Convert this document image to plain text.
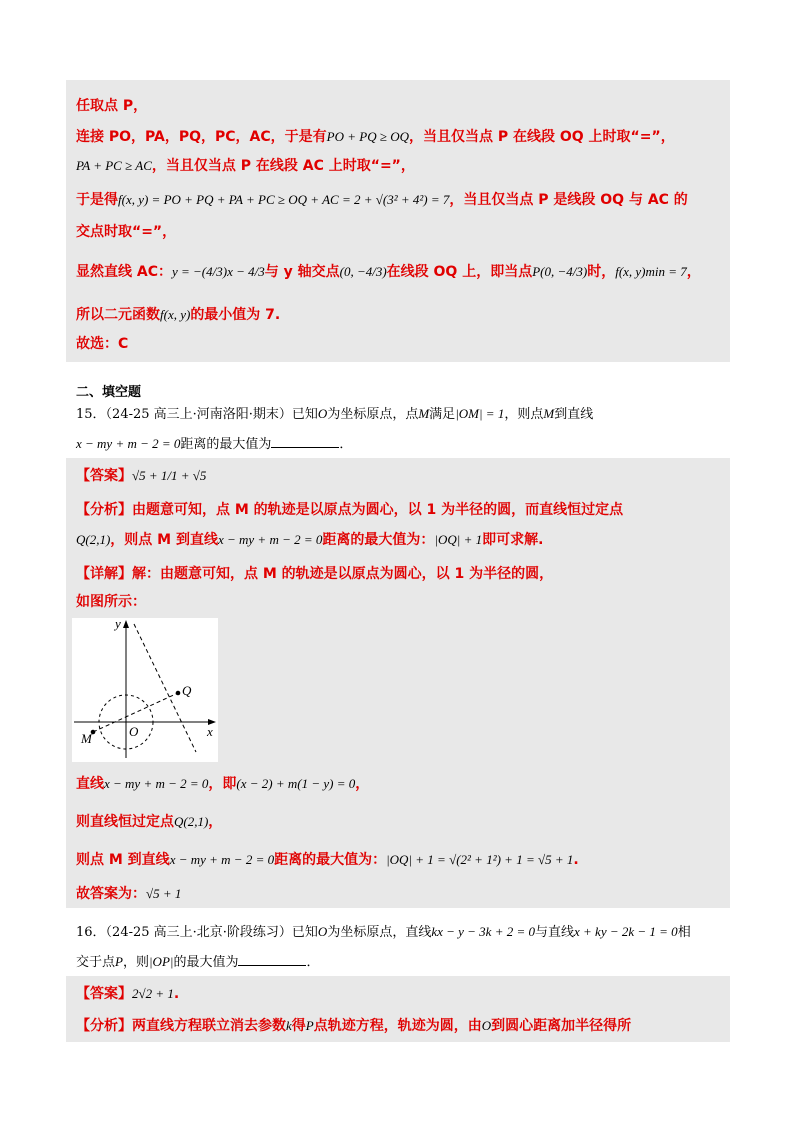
任取点 P，
连接 PO，PA，PQ，PC，AC，于是有PO + PQ ≥ OQ，当且仅当点 P 在线段 OQ 上时取“=”，
PA + PC ≥ AC，当且仅当点 P 在线段 AC 上时取“=”，
于是得f(x, y) = PO + PQ + PA + PC ≥ OQ + AC = 2 + √(3² + 4²) = 7，当且仅当点 P 是线段 OQ 与 AC 的
交点时取“=”，
显然直线 AC：y = −(4/3)x − 4/3与 y 轴交点(0, −4/3)在线段 OQ 上，即当点P(0, −4/3)时，f(x, y)min = 7，
所以二元函数f(x, y)的最小值为 7.
故选：C
二、填空题
15．（24-25 高三上·河南洛阳·期末）已知O为坐标原点，点M满足|OM| = 1，则点M到直线
x − my + m − 2 = 0距离的最大值为	．
【答案】√5 + 1/1 + √5
【分析】由题意可知，点 M 的轨迹是以原点为圆心，以 1 为半径的圆，而直线恒过定点
Q(2,1)，则点 M 到直线x − my + m − 2 = 0距离的最大值为：|OQ| + 1即可求解.
【详解】解：由题意可知，点 M 的轨迹是以原点为圆心，以 1 为半径的圆，
如图所示：
y
x
O
Q
M
直线x − my + m − 2 = 0，即(x − 2) + m(1 − y) = 0，
则直线恒过定点Q(2,1)，
则点 M 到直线x − my + m − 2 = 0距离的最大值为：|OQ| + 1 = √(2² + 1²) + 1 = √5 + 1.
故答案为：√5 + 1
16．（24-25 高三上·北京·阶段练习）已知O为坐标原点，直线kx − y − 3k + 2 = 0与直线x + ky − 2k − 1 = 0相
交于点P，则|OP|的最大值为	．
【答案】2√2 + 1.
【分析】两直线方程联立消去参数k得P点轨迹方程，轨迹为圆，由O到圆心距离加半径得所
